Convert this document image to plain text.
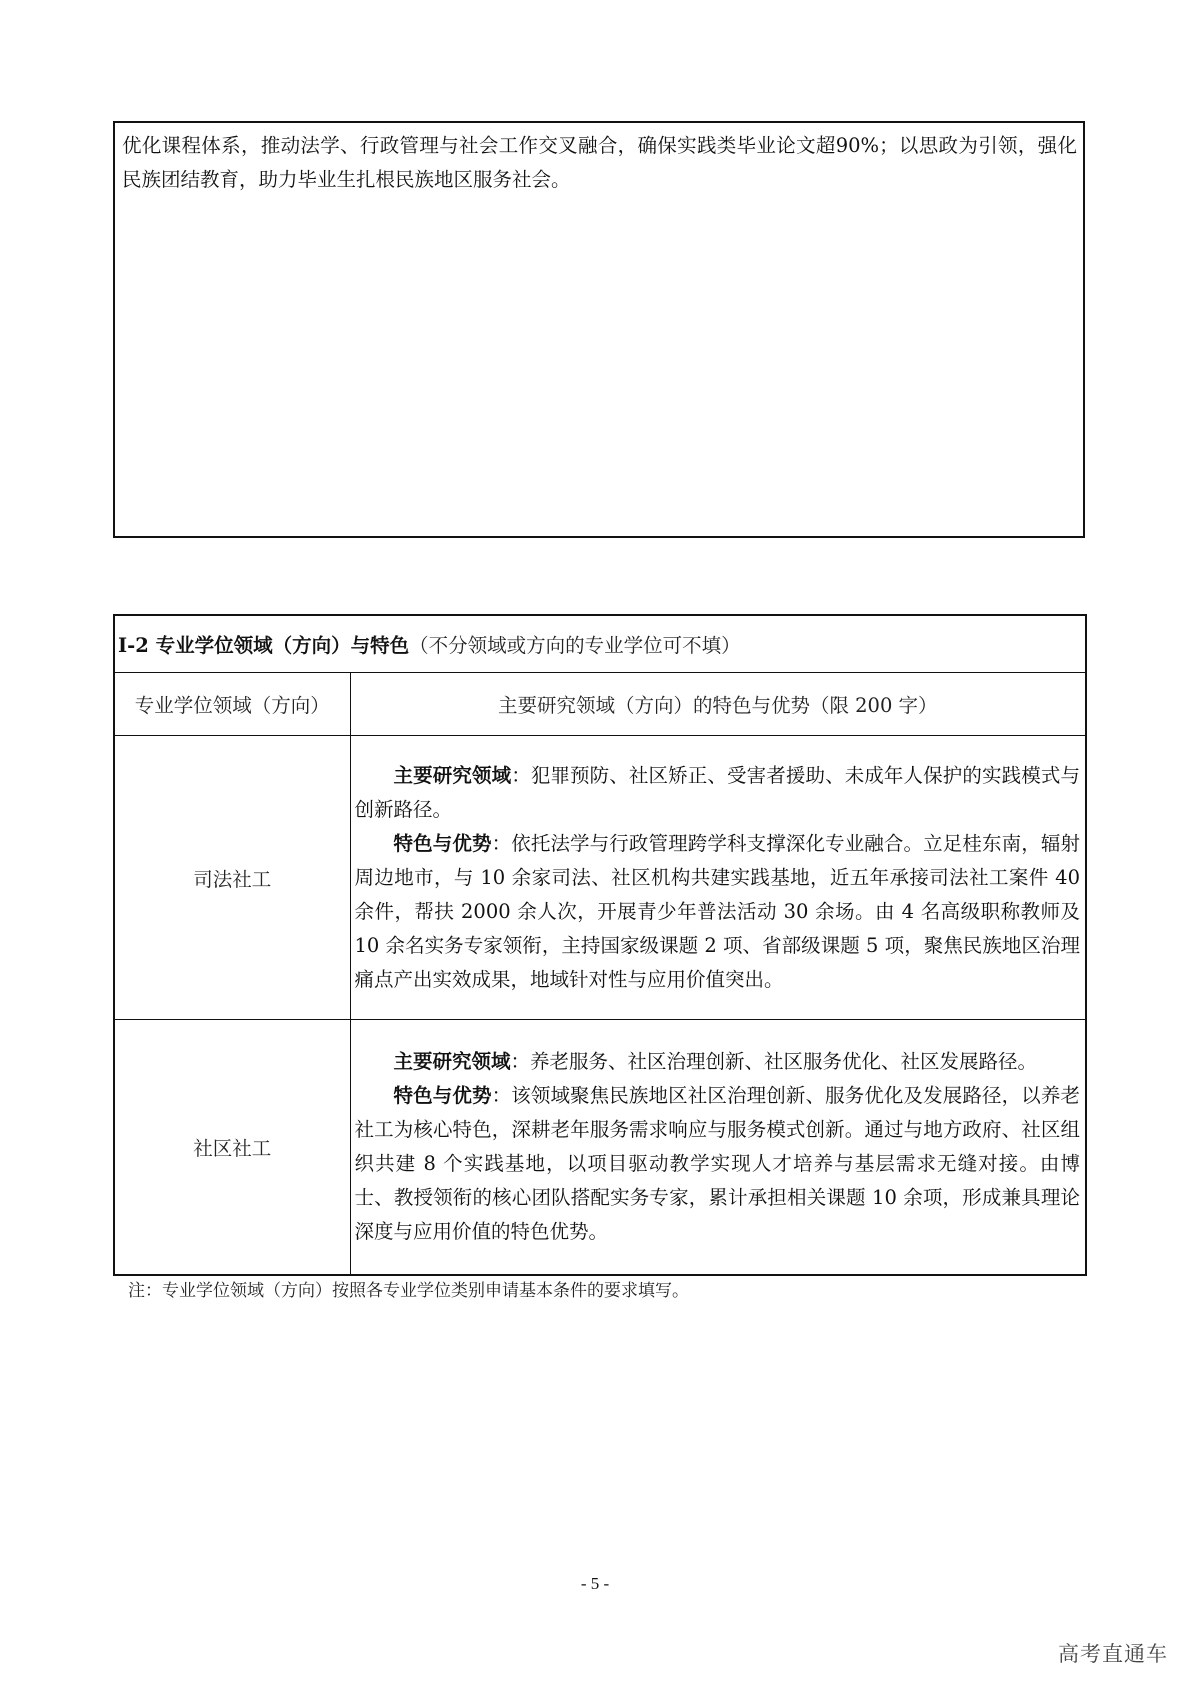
优化课程体系，推动法学、行政管理与社会工作交叉融合，确保实践类毕业论文超90%；以思政为引领，强化民族团结教育，助力毕业生扎根民族地区服务社会。

I-2 专业学位领域（方向）与特色（不分领域或方向的专业学位可不填）	
专业学位领域（方向）	主要研究领域（方向）的特色与优势（限 200 字）
司法社工	主要研究领域：犯罪预防、社区矫正、受害者援助、未成年人保护的实践模式与创新路径。

特色与优势：依托法学与行政管理跨学科支撑深化专业融合。立足桂东南，辐射周边地市，与 10 余家司法、社区机构共建实践基地，近五年承接司法社工案件 40 余件，帮扶 2000 余人次，开展青少年普法活动 30 余场。由 4 名高级职称教师及 10 余名实务专家领衔，主持国家级课题 2 项、省部级课题 5 项，聚焦民族地区治理痛点产出实效成果，地域针对性与应用价值突出。

社区社工	主要研究领域：养老服务、社区治理创新、社区服务优化、社区发展路径。

特色与优势：该领域聚焦民族地区社区治理创新、服务优化及发展路径，以养老社工为核心特色，深耕老年服务需求响应与服务模式创新。通过与地方政府、社区组织共建 8 个实践基地，以项目驱动教学实现人才培养与基层需求无缝对接。由博士、教授领衔的核心团队搭配实务专家，累计承担相关课题 10 余项，形成兼具理论深度与应用价值的特色优势。

注：专业学位领域（方向）按照各专业学位类别申请基本条件的要求填写。
- 5 -
高考直通车
